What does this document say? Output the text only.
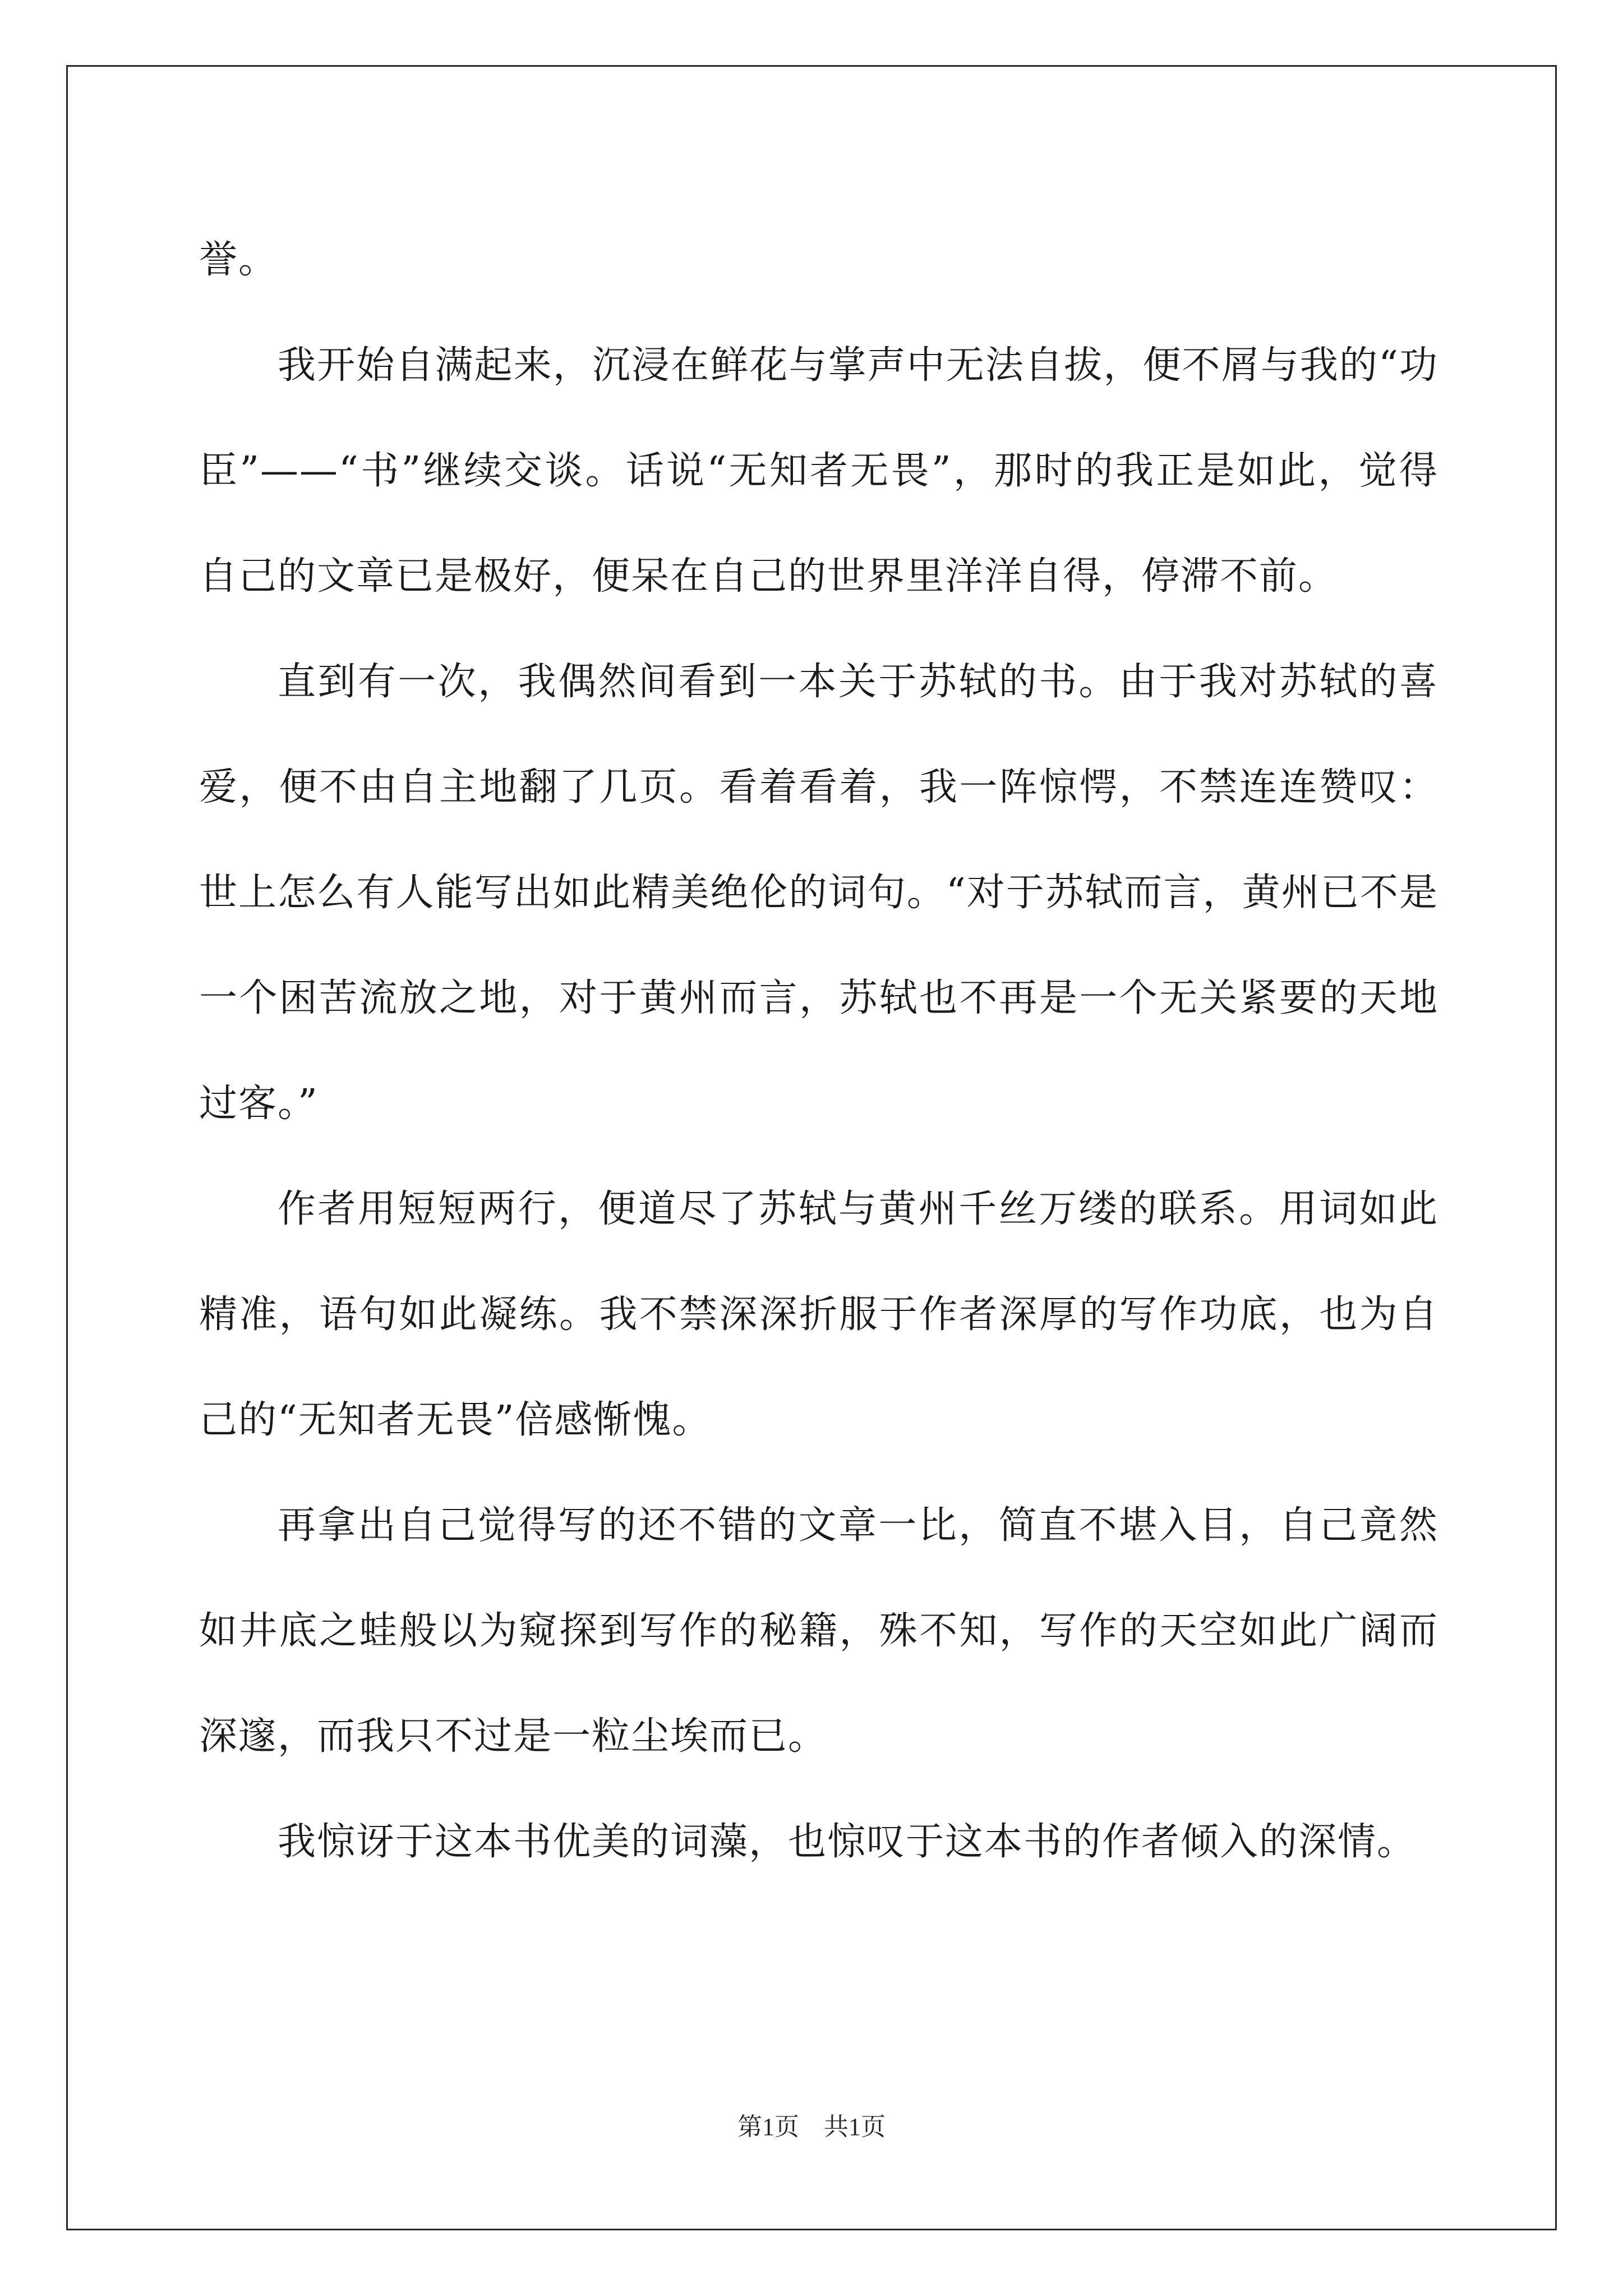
誉。

我开始自满起来，沉浸在鲜花与掌声中无法自拔，便不屑与我的“功臣”——“书”继续交谈。话说“无知者无畏”，那时的我正是如此，觉得自己的文章已是极好，便呆在自己的世界里洋洋自得，停滞不前。

直到有一次，我偶然间看到一本关于苏轼的书。由于我对苏轼的喜爱，便不由自主地翻了几页。看着看着，我一阵惊愕，不禁连连赞叹：世上怎么有人能写出如此精美绝伦的词句。“对于苏轼而言，黄州已不是一个困苦流放之地，对于黄州而言，苏轼也不再是一个无关紧要的天地过客。”

作者用短短两行，便道尽了苏轼与黄州千丝万缕的联系。用词如此精准，语句如此凝练。我不禁深深折服于作者深厚的写作功底，也为自己的“无知者无畏”倍感惭愧。

再拿出自己觉得写的还不错的文章一比，简直不堪入目，自己竟然如井底之蛙般以为窥探到写作的秘籍，殊不知，写作的天空如此广阔而深邃，而我只不过是一粒尘埃而已。

我惊讶于这本书优美的词藻，也惊叹于这本书的作者倾入的深情。

第1页　共1页
